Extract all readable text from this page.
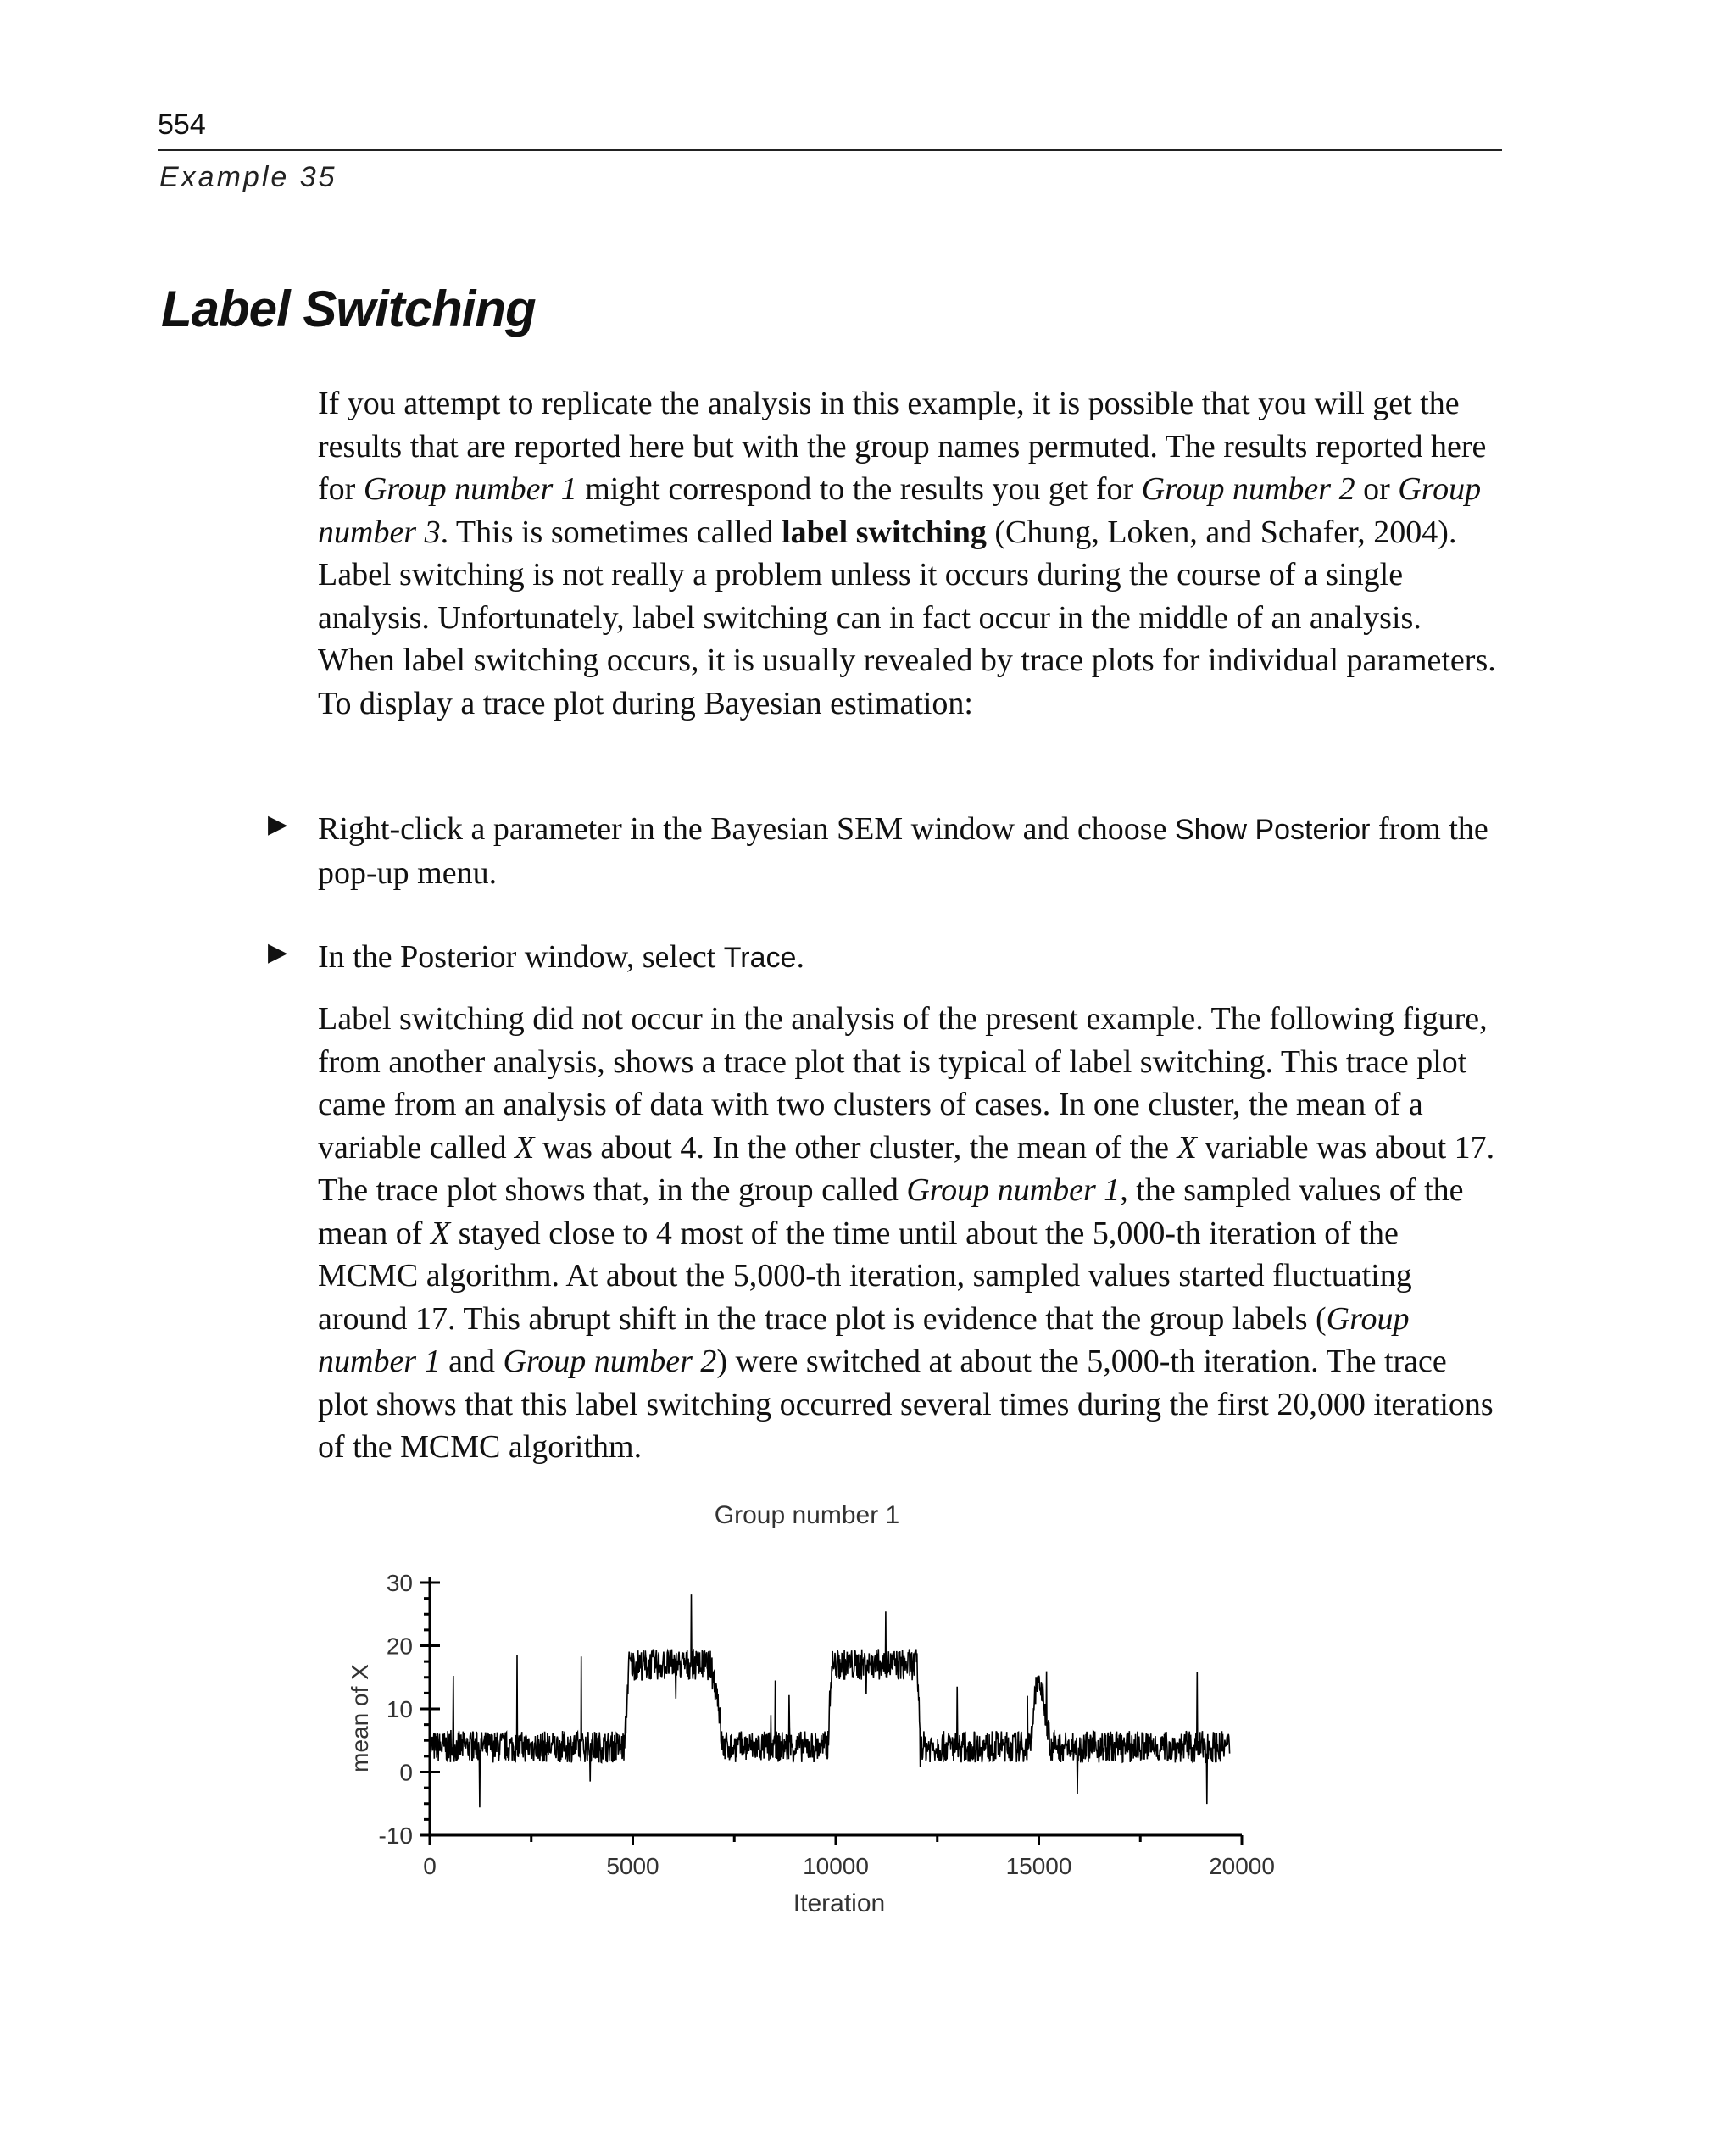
554
Example 35
Label Switching

If you attempt to replicate the analysis in this example, it is possible that you will get the results that are reported here but with the group names permuted. The results reported here for Group number 1 might correspond to the results you get for Group number 2 or Group number 3. This is sometimes called label switching (Chung, Loken, and Schafer, 2004). Label switching is not really a problem unless it occurs during the course of a single analysis. Unfortunately, label switching can in fact occur in the middle of an analysis. When label switching occurs, it is usually revealed by trace plots for individual parameters. To display a trace plot during Bayesian estimation:

▶ Right-click a parameter in the Bayesian SEM window and choose Show Posterior from the pop-up menu.
▶ In the Posterior window, select Trace.

Label switching did not occur in the analysis of the present example. The following figure, from another analysis, shows a trace plot that is typical of label switching. This trace plot came from an analysis of data with two clusters of cases. In one cluster, the mean of a variable called X was about 4. In the other cluster, the mean of the X variable was about 17. The trace plot shows that, in the group called Group number 1, the sampled values of the mean of X stayed close to 4 most of the time until about the 5,000-th iteration of the MCMC algorithm. At about the 5,000-th iteration, sampled values started fluctuating around 17. This abrupt shift in the trace plot is evidence that the group labels (Group number 1 and Group number 2) were switched at about the 5,000-th iteration. The trace plot shows that this label switching occurred several times during the first 20,000 iterations of the MCMC algorithm.

Group number 1
mean of X
Iteration
-10
0
10
20
30
0	5000	10000	15000	20000
